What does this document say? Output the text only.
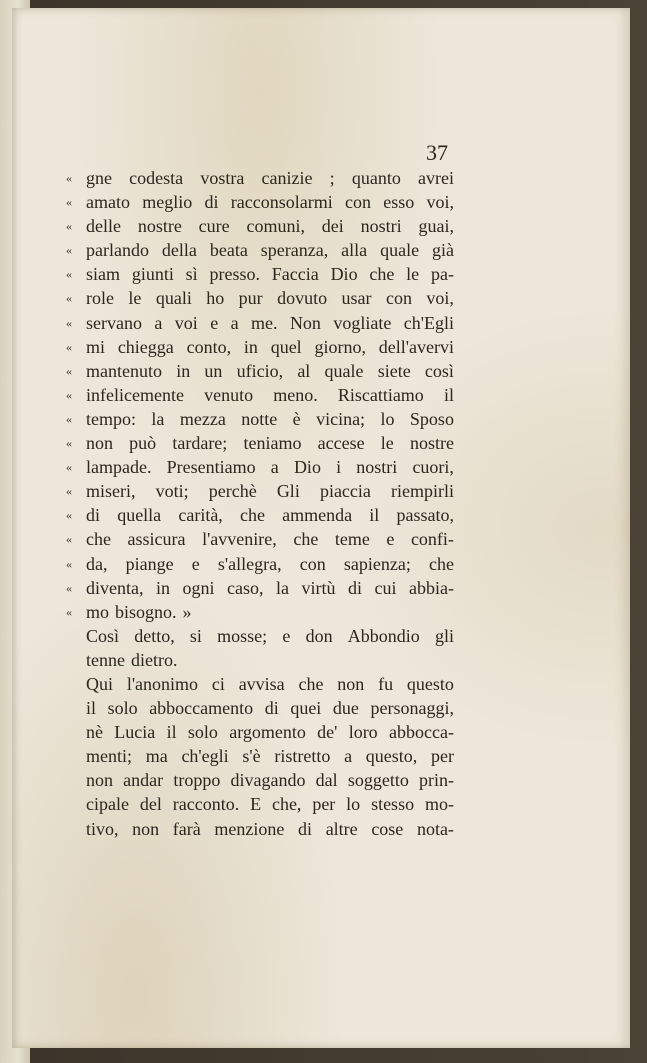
37
« gne codesta vostra canizie ; quanto avrei
« amato meglio di racconsolarmi con esso voi,
« delle nostre cure comuni, dei nostri guai,
« parlando della beata speranza, alla quale già
« siam giunti sì presso. Faccia Dio che le pa-
« role le quali ho pur dovuto usar con voi,
« servano a voi e a me. Non vogliate ch'Egli
« mi chiegga conto, in quel giorno, dell'avervi
« mantenuto in un uficio, al quale siete così
« infelicemente venuto meno. Riscattiamo il
« tempo: la mezza notte è vicina; lo Sposo
« non può tardare; teniamo accese le nostre
« lampade. Presentiamo a Dio i nostri cuori,
« miseri, voti; perchè Gli piaccia riempirli
« di quella carità, che ammenda il passato,
« che assicura l'avvenire, che teme e confi-
« da, piange e s'allegra, con sapienza; che
« diventa, in ogni caso, la virtù di cui abbia-
« mo bisogno. »
Così detto, si mosse; e don Abbondio gli
tenne dietro.
Qui l'anonimo ci avvisa che non fu questo
il solo abboccamento di quei due personaggi,
nè Lucia il solo argomento de' loro abbocca-
menti; ma ch'egli s'è ristretto a questo, per
non andar troppo divagando dal soggetto prin-
cipale del racconto. E che, per lo stesso mo-
tivo, non farà menzione di altre cose nota-
